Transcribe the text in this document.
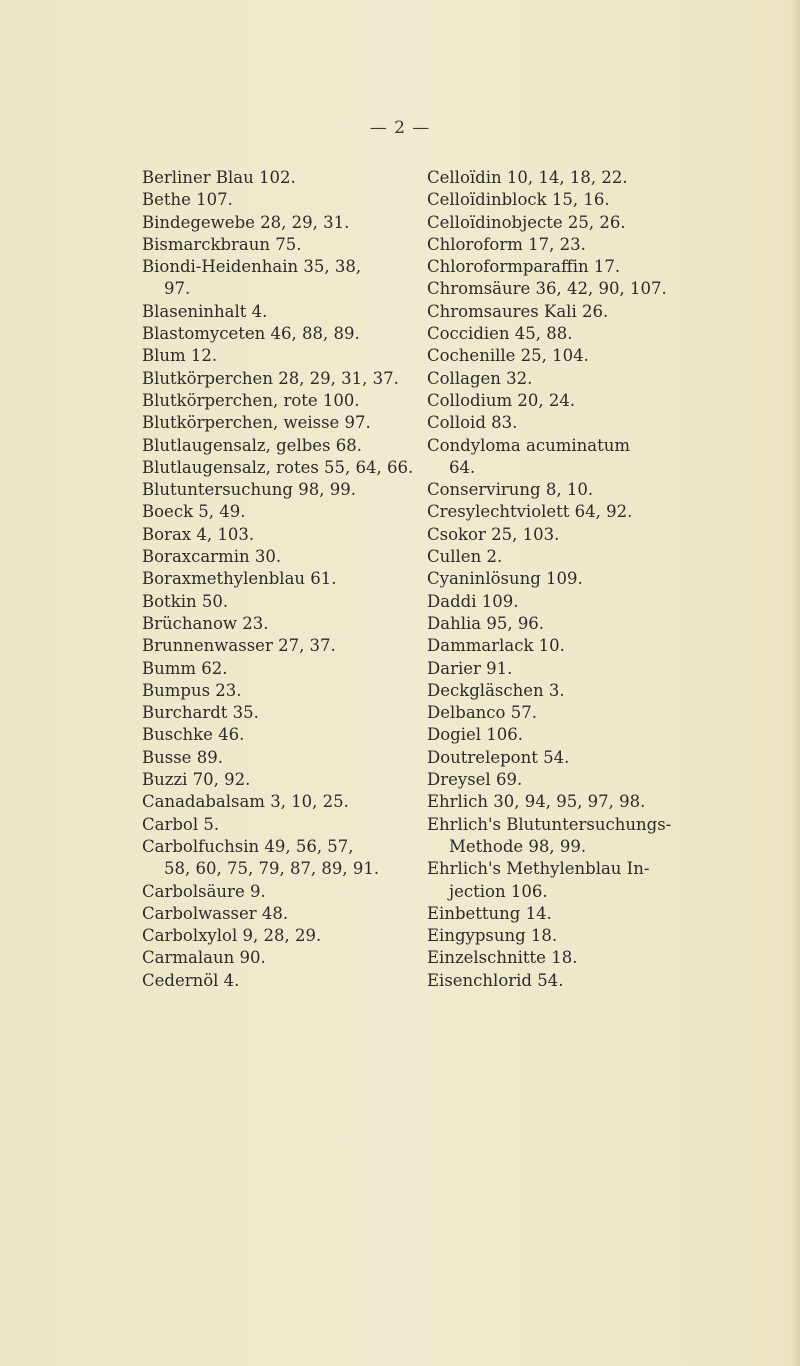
— 2 —
Berliner Blau 102.
Bethe 107.
Bindegewebe 28, 29, 31.
Bismarckbraun 75.
Biondi-Heidenhain 35, 38,
97.
Blaseninhalt 4.
Blastomyceten 46, 88, 89.
Blum 12.
Blutkörperchen 28, 29, 31, 37.
Blutkörperchen, rote 100.
Blutkörperchen, weisse 97.
Blutlaugensalz, gelbes 68.
Blutlaugensalz, rotes 55, 64, 66.
Blutuntersuchung 98, 99.
Boeck 5, 49.
Borax 4, 103.
Boraxcarmin 30.
Boraxmethylenblau 61.
Botkin 50.
Brüchanow 23.
Brunnenwasser 27, 37.
Bumm 62.
Bumpus 23.
Burchardt 35.
Buschke 46.
Busse 89.
Buzzi 70, 92.
Canadabalsam 3, 10, 25.
Carbol 5.
Carbolfuchsin 49, 56, 57,
58, 60, 75, 79, 87, 89, 91.
Carbolsäure 9.
Carbolwasser 48.
Carbolxylol 9, 28, 29.
Carmalaun 90.
Cedernöl 4.
Celloïdin 10, 14, 18, 22.
Celloïdinblock 15, 16.
Celloïdinobjecte 25, 26.
Chloroform 17, 23.
Chloroformparaffin 17.
Chromsäure 36, 42, 90, 107.
Chromsaures Kali 26.
Coccidien 45, 88.
Cochenille 25, 104.
Collagen 32.
Collodium 20, 24.
Colloid 83.
Condyloma acuminatum
64.
Conservirung 8, 10.
Cresylechtviolett 64, 92.
Csokor 25, 103.
Cullen 2.
Cyaninlösung 109.
Daddi 109.
Dahlia 95, 96.
Dammarlack 10.
Darier 91.
Deckgläschen 3.
Delbanco 57.
Dogiel 106.
Doutrelepont 54.
Dreysel 69.
Ehrlich 30, 94, 95, 97, 98.
Ehrlich's Blutuntersuchungs-
Methode 98, 99.
Ehrlich's Methylenblau In-
jection 106.
Einbettung 14.
Eingypsung 18.
Einzelschnitte 18.
Eisenchlorid 54.
